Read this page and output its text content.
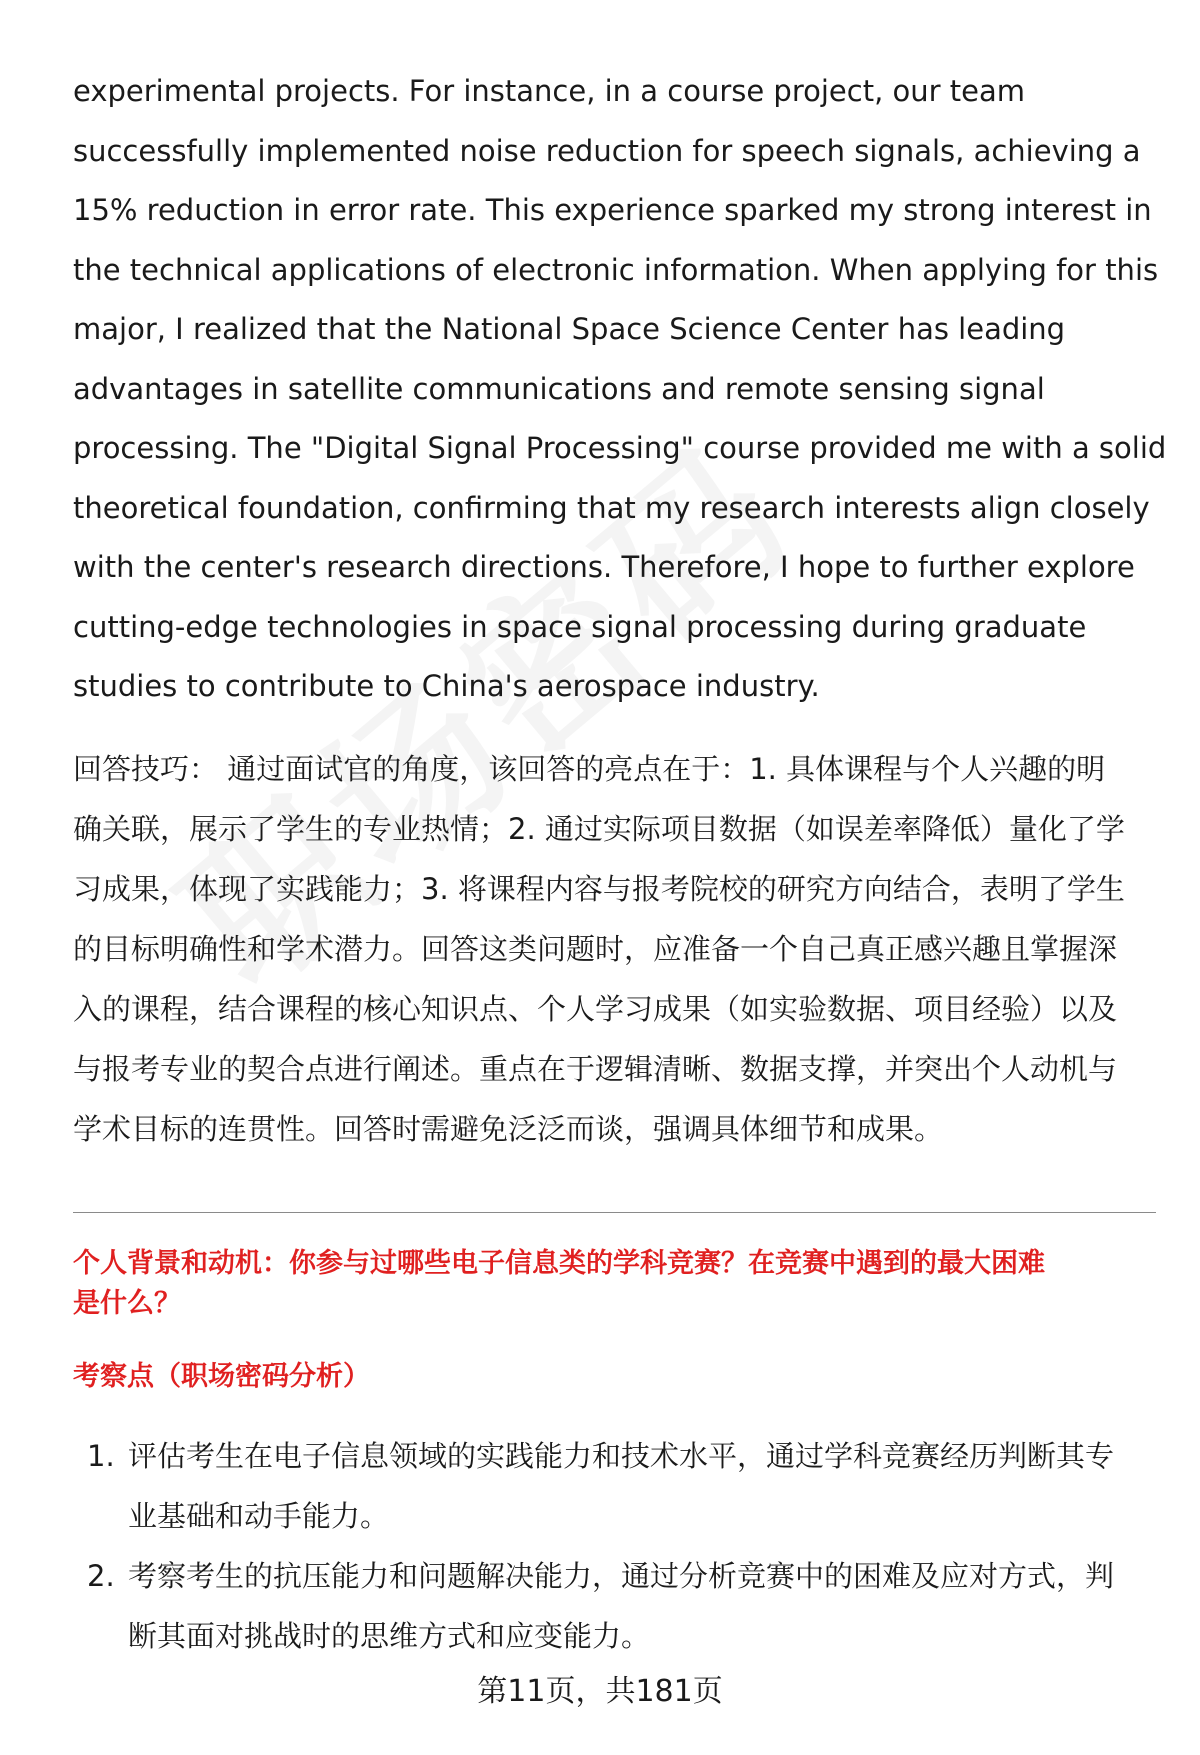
experimental projects. For instance, in a course project, our team
successfully implemented noise reduction for speech signals, achieving a
15% reduction in error rate. This experience sparked my strong interest in
the technical applications of electronic information. When applying for this
major, I realized that the National Space Science Center has leading
advantages in satellite communications and remote sensing signal
processing. The "Digital Signal Processing" course provided me with a solid
theoretical foundation, confirming that my research interests align closely
with the center's research directions. Therefore, I hope to further explore
cutting-edge technologies in space signal processing during graduate
studies to contribute to China's aerospace industry.

回答技巧： 通过面试官的角度，该回答的亮点在于：1. 具体课程与个人兴趣的明
确关联，展示了学生的专业热情；2. 通过实际项目数据（如误差率降低）量化了学
习成果，体现了实践能力；3. 将课程内容与报考院校的研究方向结合，表明了学生
的目标明确性和学术潜力。回答这类问题时，应准备一个自己真正感兴趣且掌握深
入的课程，结合课程的核心知识点、个人学习成果（如实验数据、项目经验）以及
与报考专业的契合点进行阐述。重点在于逻辑清晰、数据支撑，并突出个人动机与
学术目标的连贯性。回答时需避免泛泛而谈，强调具体细节和成果。

个人背景和动机：你参与过哪些电子信息类的学科竞赛？在竞赛中遇到的最大困难
是什么？
考察点（职场密码分析）
1. 评估考生在电子信息领域的实践能力和技术水平，通过学科竞赛经历判断其专
业基础和动手能力。
2. 考察考生的抗压能力和问题解决能力，通过分析竞赛中的困难及应对方式，判
断其面对挑战时的思维方式和应变能力。
第11页，共181页
